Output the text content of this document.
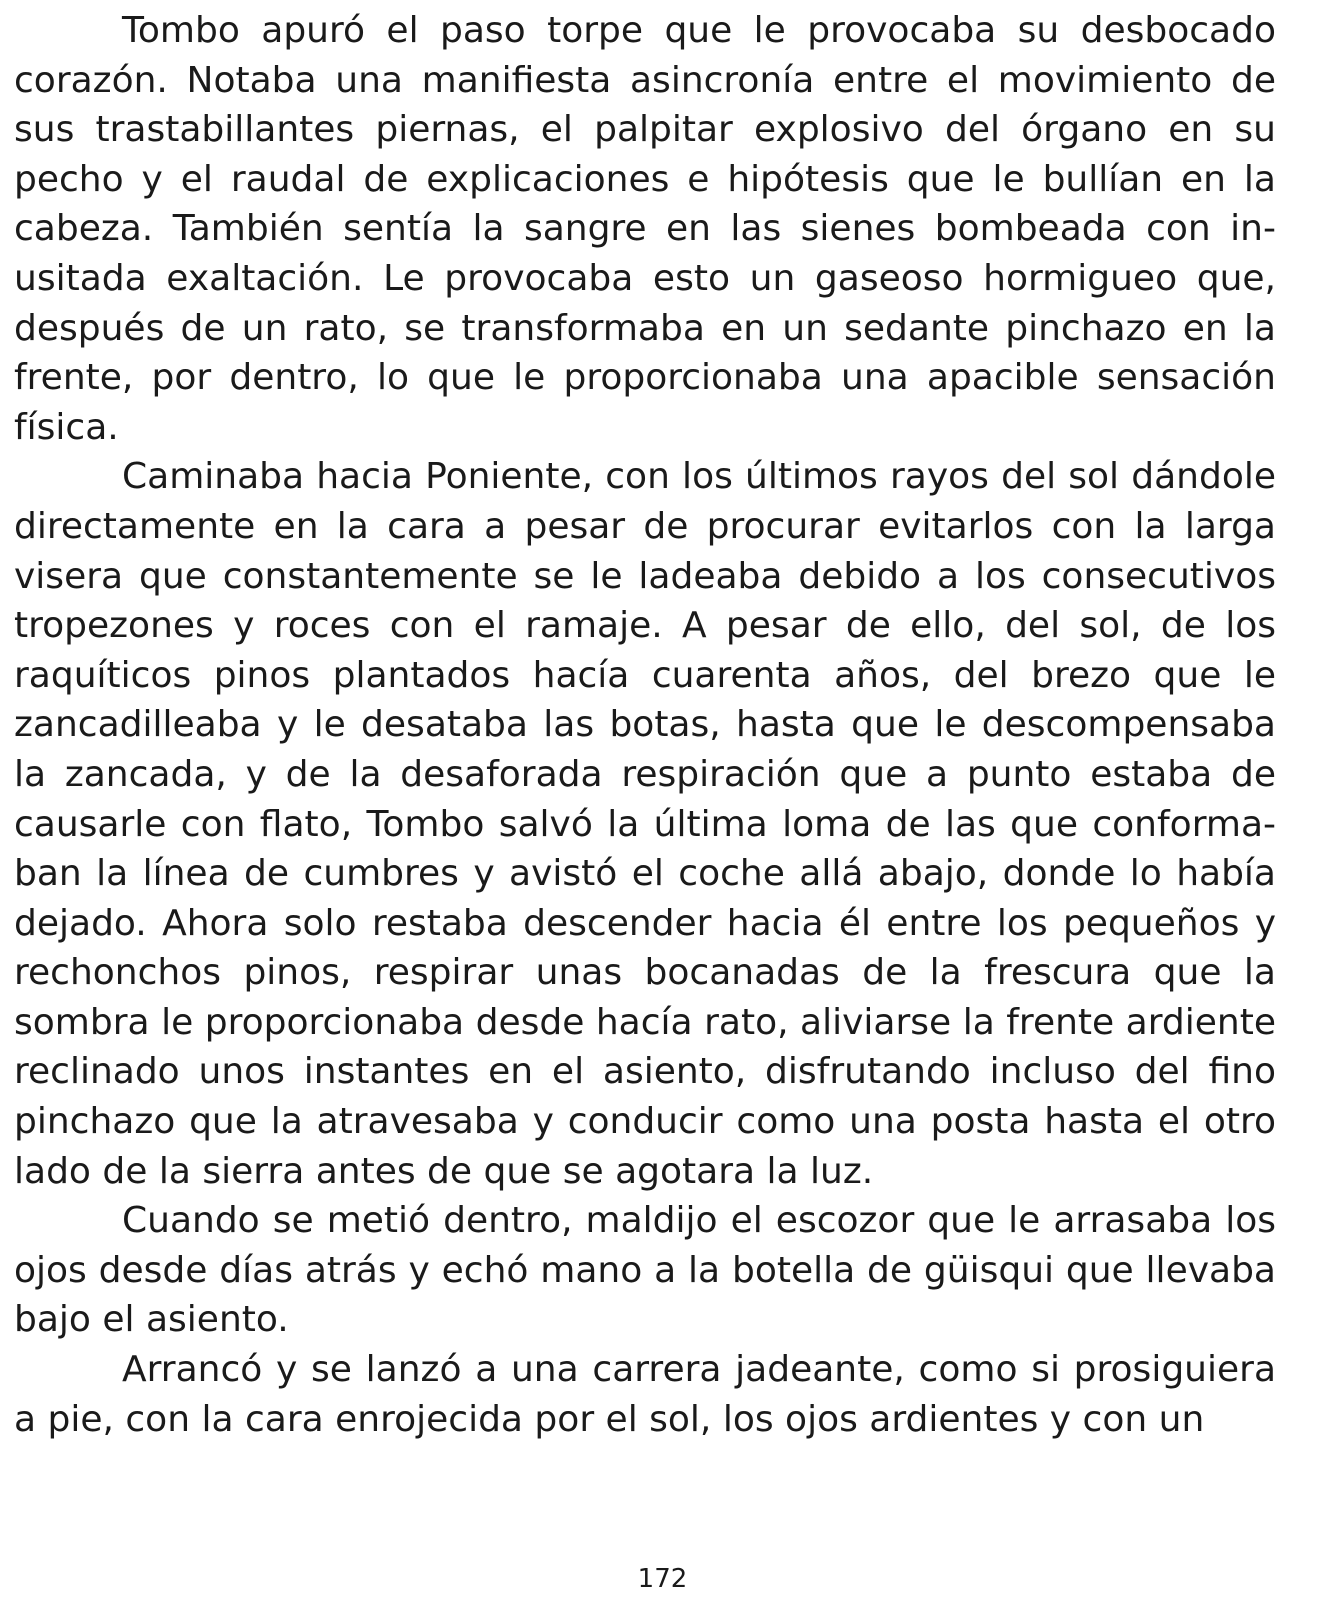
Tombo apuró el paso torpe que le provocaba su desbocado corazón. Notaba una manifiesta asincronía entre el movimiento de sus trastabillantes piernas, el palpitar explosivo del órgano en su pecho y el raudal de explicaciones e hipótesis que le bullían en la cabeza. También sentía la sangre en las sienes bombeada con inusitada exaltación. Le provocaba esto un gaseoso hormigueo que, después de un rato, se transformaba en un sedante pinchazo en la frente, por dentro, lo que le proporcionaba una apacible sensación física.

Caminaba hacia Poniente, con los últimos rayos del sol dándole directamente en la cara a pesar de procurar evitarlos con la larga visera que constantemente se le ladeaba debido a los consecutivos tropezones y roces con el ramaje. A pesar de ello, del sol, de los raquíticos pinos plantados hacía cuarenta años, del brezo que le zancadilleaba y le desataba las botas, hasta que le descompensaba la zancada, y de la desaforada respiración que a punto estaba de causarle con flato, Tombo salvó la última loma de las que conformaban la línea de cumbres y avistó el coche allá abajo, donde lo había dejado. Ahora solo restaba descender hacia él entre los pequeños y rechonchos pinos, respirar unas bocanadas de la frescura que la sombra le proporcionaba desde hacía rato, aliviarse la frente ardiente reclinado unos instantes en el asiento, disfrutando incluso del fino pinchazo que la atravesaba y conducir como una posta hasta el otro lado de la sierra antes de que se agotara la luz.

Cuando se metió dentro, maldijo el escozor que le arrasaba los ojos desde días atrás y echó mano a la botella de güisqui que llevaba bajo el asiento.

Arrancó y se lanzó a una carrera jadeante, como si prosiguiera a pie, con la cara enrojecida por el sol, los ojos ardientes y con un

172
